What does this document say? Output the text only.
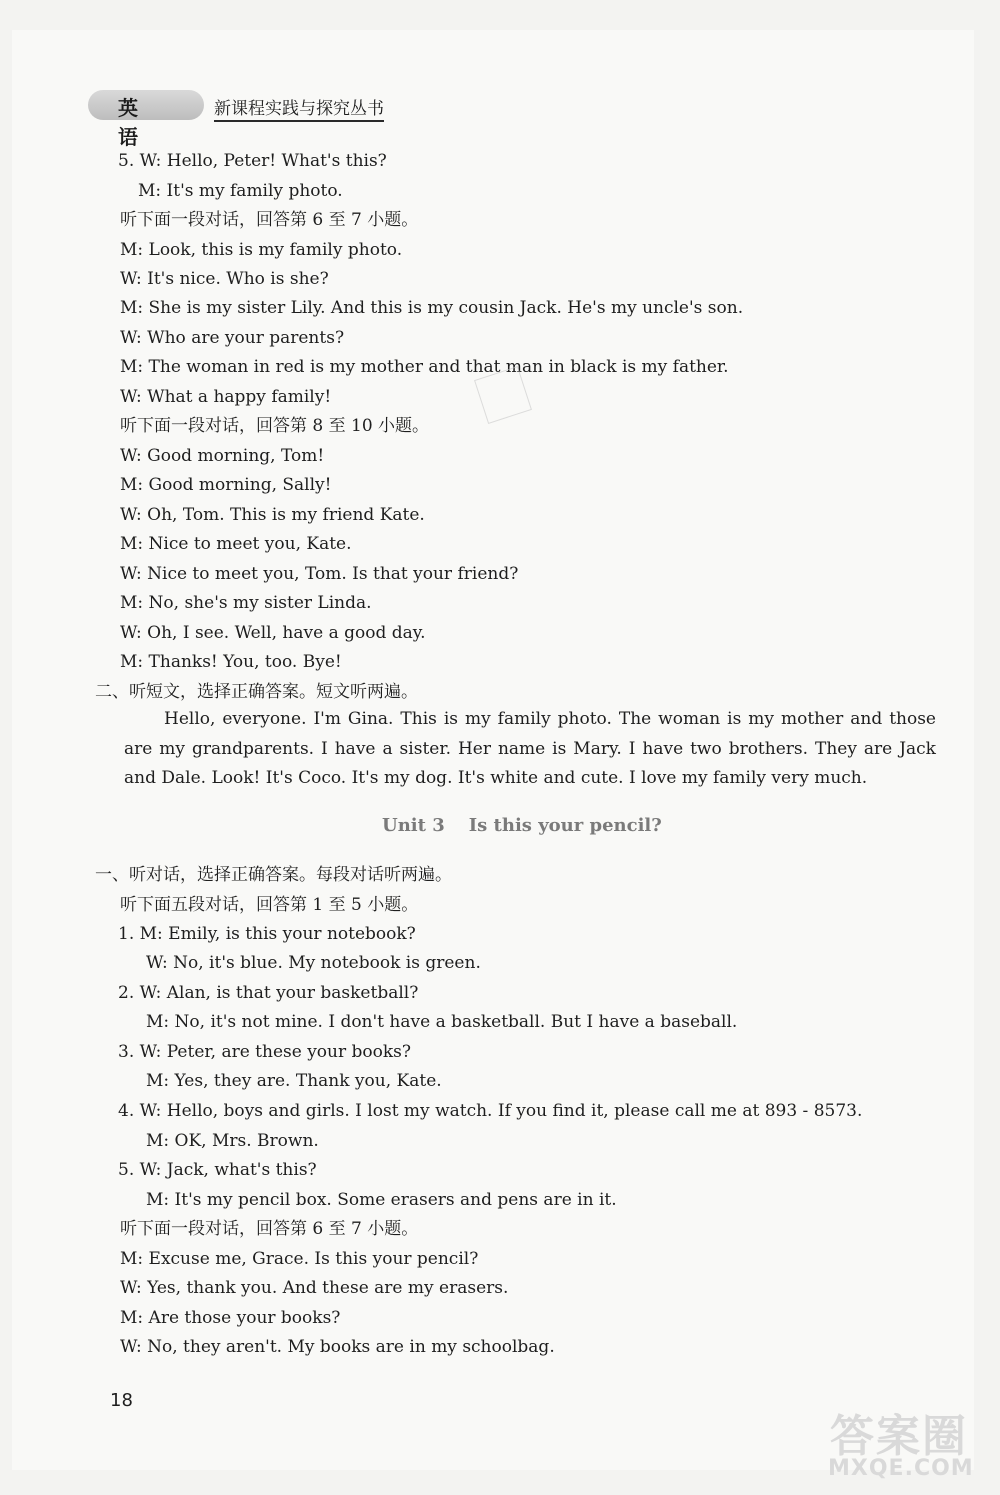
英语
新课程实践与探究丛书
5. W: Hello, Peter! What's this?
M: It's my family photo.
听下面一段对话，回答第 6 至 7 小题。
M: Look, this is my family photo.
W: It's nice. Who is she?
M: She is my sister Lily. And this is my cousin Jack. He's my uncle's son.
W: Who are your parents?
M: The woman in red is my mother and that man in black is my father.
W: What a happy family!
听下面一段对话，回答第 8 至 10 小题。
W: Good morning, Tom!
M: Good morning, Sally!
W: Oh, Tom. This is my friend Kate.
M: Nice to meet you, Kate.
W: Nice to meet you, Tom. Is that your friend?
M: No, she's my sister Linda.
W: Oh, I see. Well, have a good day.
M: Thanks! You, too. Bye!
二、听短文，选择正确答案。短文听两遍。
Hello, everyone. I'm Gina. This is my family photo. The woman is my mother and those are my grandparents. I have a sister. Her name is Mary. I have two brothers. They are Jack and Dale. Look! It's Coco. It's my dog. It's white and cute. I love my family very much.
Unit 3 Is this your pencil?
一、听对话，选择正确答案。每段对话听两遍。
听下面五段对话，回答第 1 至 5 小题。
1. M: Emily, is this your notebook?
W: No, it's blue. My notebook is green.
2. W: Alan, is that your basketball?
M: No, it's not mine. I don't have a basketball. But I have a baseball.
3. W: Peter, are these your books?
M: Yes, they are. Thank you, Kate.
4. W: Hello, boys and girls. I lost my watch. If you find it, please call me at 893 - 8573.
M: OK, Mrs. Brown.
5. W: Jack, what's this?
M: It's my pencil box. Some erasers and pens are in it.
听下面一段对话，回答第 6 至 7 小题。
M: Excuse me, Grace. Is this your pencil?
W: Yes, thank you. And these are my erasers.
M: Are those your books?
W: No, they aren't. My books are in my schoolbag.
18
答案圈
MXQE.COM
